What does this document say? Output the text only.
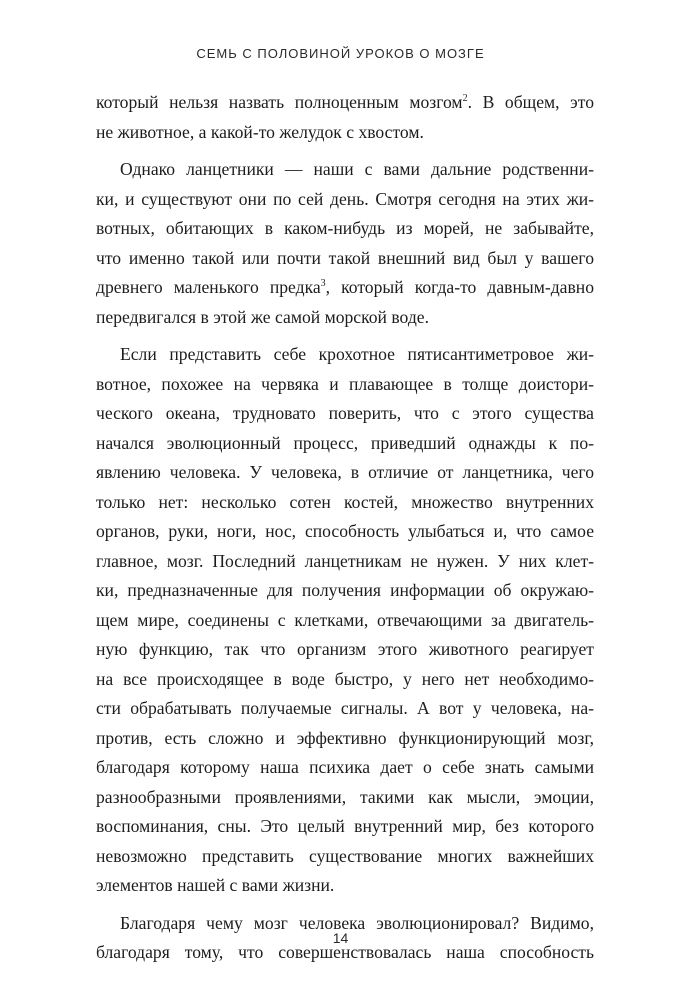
СЕМЬ С ПОЛОВИНОЙ УРОКОВ О МОЗГЕ
который нельзя назвать полноценным мозгом$^2$. В общем, это
не животное, а какой-то желудок с хвостом.
Однако ланцетники — наши с вами дальние родственни-
ки, и существуют они по сей день. Смотря сегодня на этих жи-
вотных, обитающих в каком-нибудь из морей, не забывайте,
что именно такой или почти такой внешний вид был у вашего
древнего маленького предка$^3$, который когда-то давным-давно
передвигался в этой же самой морской воде.
Если представить себе крохотное пятисантиметровое жи-
вотное, похожее на червяка и плавающее в толще доистори-
ческого океана, трудновато поверить, что с этого существа
начался эволюционный процесс, приведший однажды к по-
явлению человека. У человека, в отличие от ланцетника, чего
только нет: несколько сотен костей, множество внутренних
органов, руки, ноги, нос, способность улыбаться и, что самое
главное, мозг. Последний ланцетникам не нужен. У них клет-
ки, предназначенные для получения информации об окружаю-
щем мире, соединены с клетками, отвечающими за двигатель-
ную функцию, так что организм этого животного реагирует
на все происходящее в воде быстро, у него нет необходимо-
сти обрабатывать получаемые сигналы. А вот у человека, на-
против, есть сложно и эффективно функционирующий мозг,
благодаря которому наша психика дает о себе знать самыми
разнообразными проявлениями, такими как мысли, эмоции,
воспоминания, сны. Это целый внутренний мир, без которого
невозможно представить существование многих важнейших
элементов нашей с вами жизни.
Благодаря чему мозг человека эволюционировал? Видимо,
благодаря тому, что совершенствовалась наша способность
14
